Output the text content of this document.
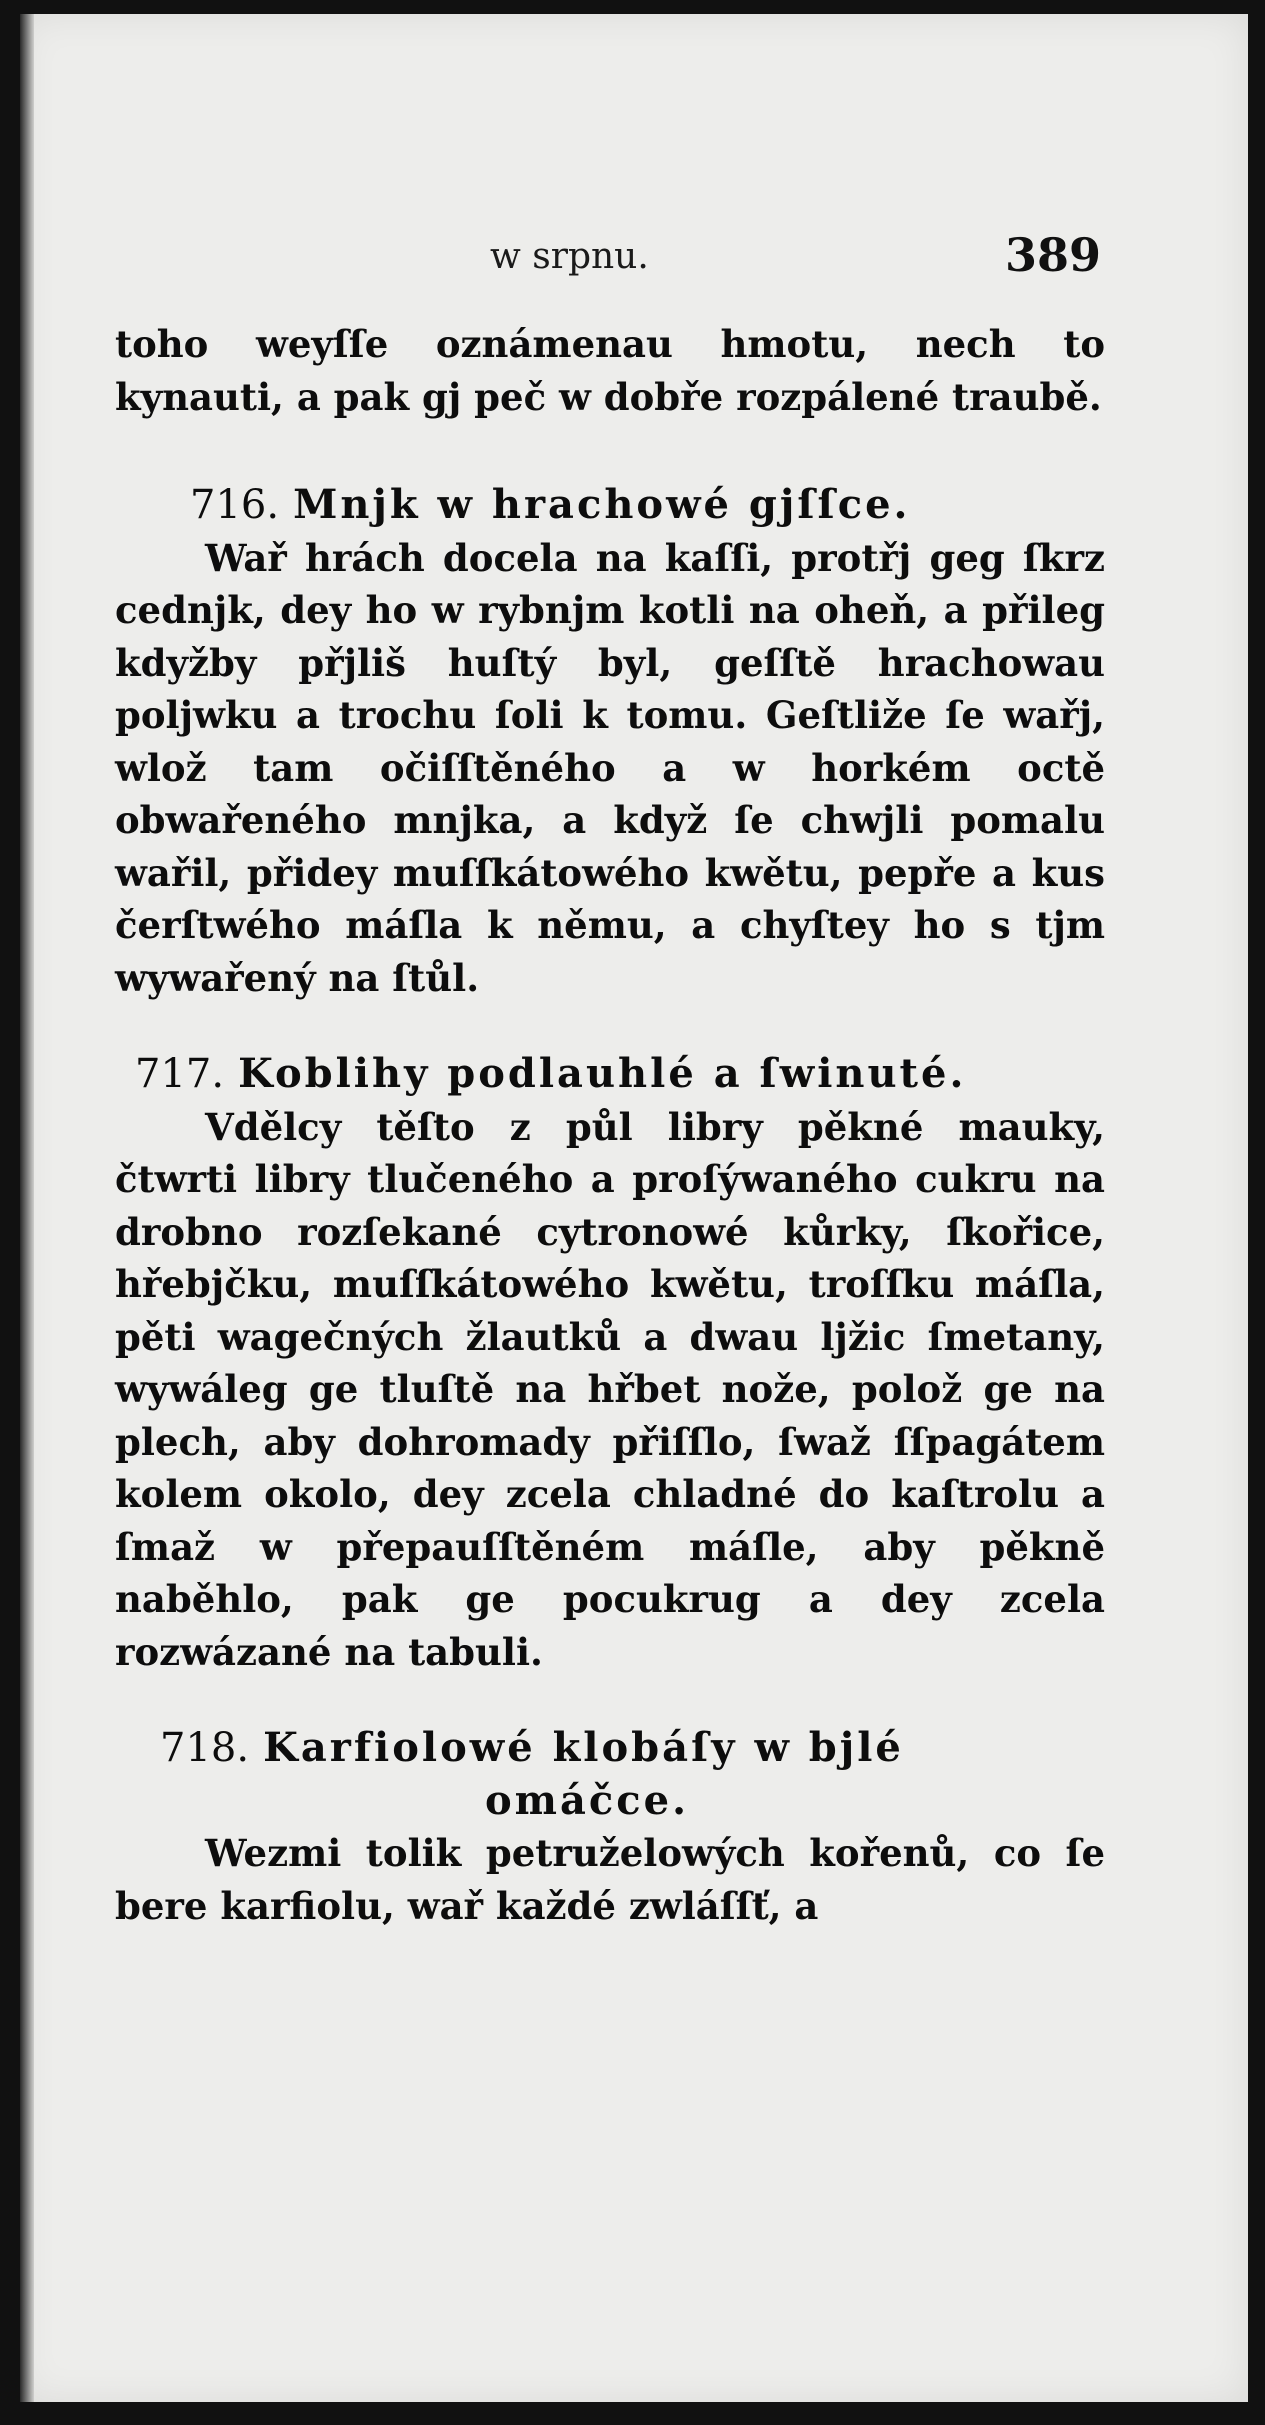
w srpnu.	389

toho weyſſe oznámenau hmotu, nech to kynauti, a pak gj peč w dobře rozpálené traubě.

716. Mnjk w hrachowé gjſſce.

Wař hrách docela na kaſſi, protřj geg ſkrz cednjk, dey ho w rybnjm kotli na oheň, a přileg kdyžby přjliš huſtý byl, geſſtě hrachowau poljwku a trochu ſoli k tomu. Geſtliže ſe wařj, wlož tam očiſſtěného a w horkém octě obwařeného mnjka, a když ſe chwjli pomalu wařil, přidey muſſkátowého kwětu, pepře a kus čerſtwého máſla k němu, a chyſtey ho s tjm wywařený na ſtůl.

717. Koblihy podlauhlé a ſwinuté.

Vdělcy těſto z půl libry pěkné mauky, čtwrti libry tlučeného a proſýwaného cukru na drobno rozſekané cytronowé kůrky, ſkořice, hřebjčku, muſſkátowého kwětu, troſſku máſla, pěti wagečných žlautků a dwau ljžic ſmetany, wywáleg ge tluſtě na hřbet nože, polož ge na plech, aby dohromady přiſſlo, ſwaž ſſpagátem kolem okolo, dey zcela chladné do kaſtrolu a ſmaž w přepauſſtěném máſle, aby pěkně naběhlo, pak ge pocukrug a dey zcela rozwázané na tabuli.

718. Karfiolowé klobáſy w bjlé

omáčce.

Wezmi tolik petruželowých kořenů, co ſe bere karfiolu, wař každé zwláſſť, a
